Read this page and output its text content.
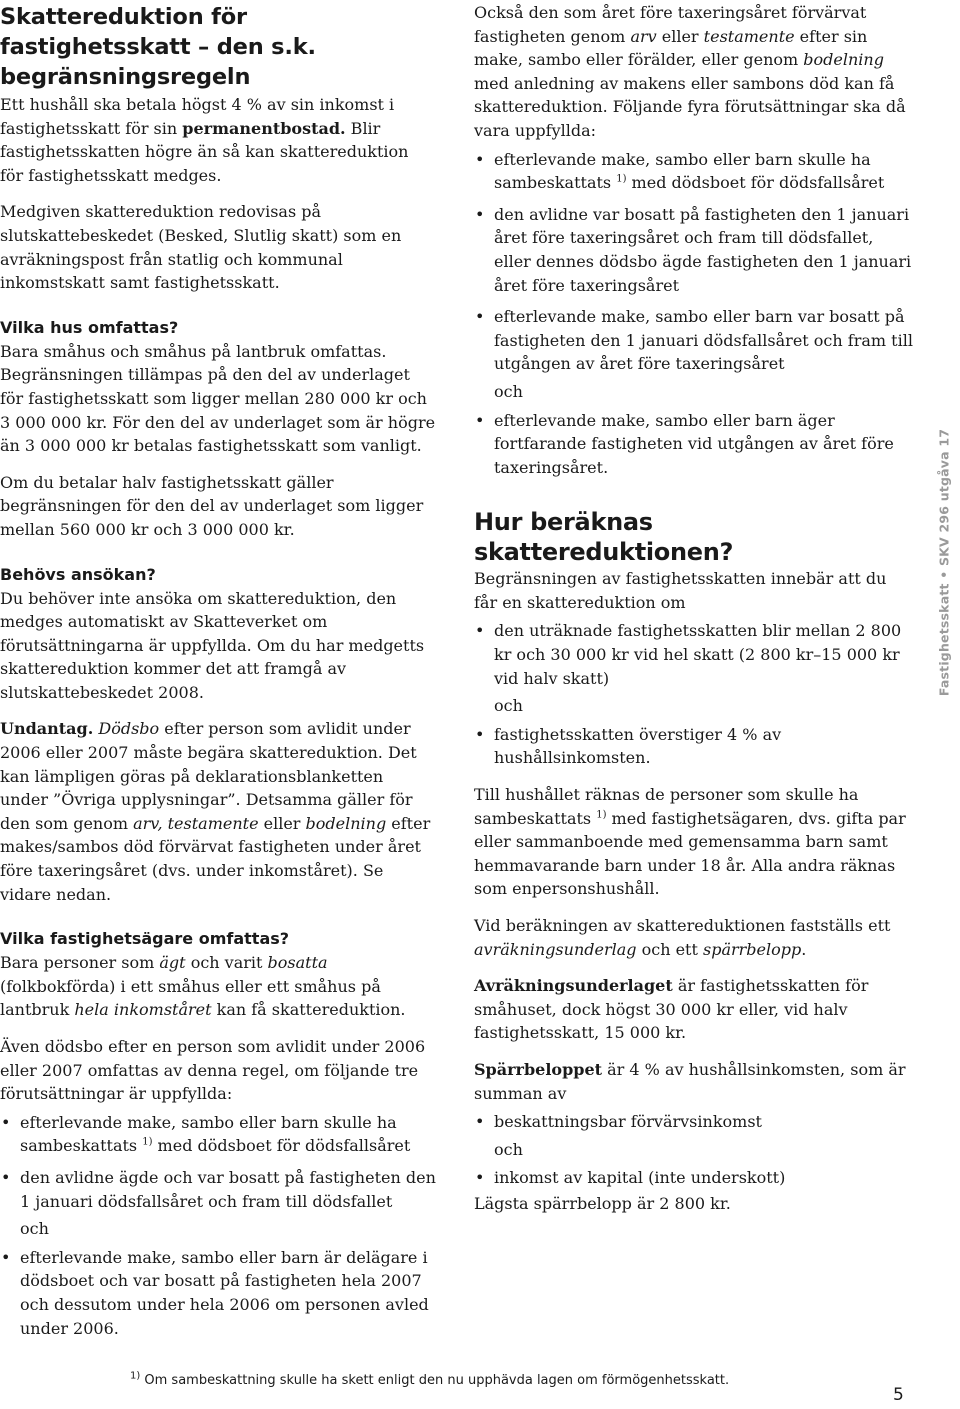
Skattereduktion för fastighetsskatt – den s.k. begränsningsregeln

Ett hushåll ska betala högst 4 % av sin inkomst i fastighetsskatt för sin permanentbostad. Blir fastighetsskatten högre än så kan skattereduktion för fastighetsskatt medges.

Medgiven skattereduktion redovisas på slutskattebeskedet (Besked, Slutlig skatt) som en avräkningspost från statlig och kommunal inkomstskatt samt fastighetsskatt.

Vilka hus omfattas?

Bara småhus och småhus på lantbruk omfattas.

Begränsningen tillämpas på den del av underlaget för fastighetsskatt som ligger mellan 280 000 kr och 3 000 000 kr. För den del av underlaget som är högre än 3 000 000 kr betalas fastighetsskatt som vanligt.

Om du betalar halv fastighetsskatt gäller begränsningen för den del av underlaget som ligger mellan 560 000 kr och 3 000 000 kr.

Behövs ansökan?

Du behöver inte ansöka om skattereduktion, den medges automatiskt av Skatteverket om förutsättningarna är uppfyllda. Om du har medgetts skattereduktion kommer det att framgå av slutskattebeskedet 2008.

Undantag. Dödsbo efter person som avlidit under 2006 eller 2007 måste begära skattereduktion. Det kan lämpligen göras på deklarationsblanketten under ”Övriga upplysningar”. Detsamma gäller för den som genom arv, testamente eller bodelning efter makes/sambos död förvärvat fastigheten under året före taxeringsåret (dvs. under inkomståret). Se vidare nedan.

Vilka fastighetsägare omfattas?

Bara personer som ägt och varit bosatta (folkbokförda) i ett småhus eller ett småhus på lantbruk hela inkomståret kan få skattereduktion.

Även dödsbo efter en person som avlidit under 2006 eller 2007 omfattas av denna regel, om följande tre förutsättningar är uppfyllda:

• efterlevande make, sambo eller barn skulle ha sambeskattats $^{1)}$ med dödsboet för dödsfallsåret
• den avlidne ägde och var bosatt på fastigheten den 1 januari dödsfallsåret och fram till dödsfallet

och

• efterlevande make, sambo eller barn är delägare i dödsboet och var bosatt på fastigheten hela 2007 och dessutom under hela 2006 om personen avled under 2006.

Också den som året före taxeringsåret förvärvat fastigheten genom arv eller testamente efter sin make, sambo eller förälder, eller genom bodelning med anledning av makens eller sambons död kan få skattereduktion. Följande fyra förutsättningar ska då vara uppfyllda:

• efterlevande make, sambo eller barn skulle ha sambeskattats $^{1)}$ med dödsboet för dödsfallsåret
• den avlidne var bosatt på fastigheten den 1 januari året före taxeringsåret och fram till dödsfallet, eller dennes dödsbo ägde fastigheten den 1 januari året före taxeringsåret
• efterlevande make, sambo eller barn var bosatt på fastigheten den 1 januari dödsfallsåret och fram till utgången av året före taxeringsåret

och

• efterlevande make, sambo eller barn äger fortfarande fastigheten vid utgången av året före taxeringsåret.
Hur beräknas skattereduktionen?

Begränsningen av fastighetsskatten innebär att du får en skattereduktion om

• den uträknade fastighetsskatten blir mellan 2 800 kr och 30 000 kr vid hel skatt (2 800 kr–15 000 kr vid halv skatt)

och

• fastighetsskatten överstiger 4 % av hushållsinkomsten.

Till hushållet räknas de personer som skulle ha sambeskattats $^{1)}$ med fastighetsägaren, dvs. gifta par eller sammanboende med gemensamma barn samt hemmavarande barn under 18 år. Alla andra räknas som enpersonshushåll.

Vid beräkningen av skattereduktionen fastställs ett avräkningsunderlag och ett spärrbelopp.

Avräkningsunderlaget är fastighetsskatten för småhuset, dock högst 30 000 kr eller, vid halv fastighetsskatt, 15 000 kr.

Spärrbeloppet är 4 % av hushållsinkomsten, som är summan av

• beskattningsbar förvärvsinkomst

och

• inkomst av kapital (inte underskott)

Lägsta spärrbelopp är 2 800 kr.

Fastighetsskatt • SKV 296 utgåva 17
$^{1)}$ Om sambeskattning skulle ha skett enligt den nu upphävda lagen om förmögenhetsskatt.
5
